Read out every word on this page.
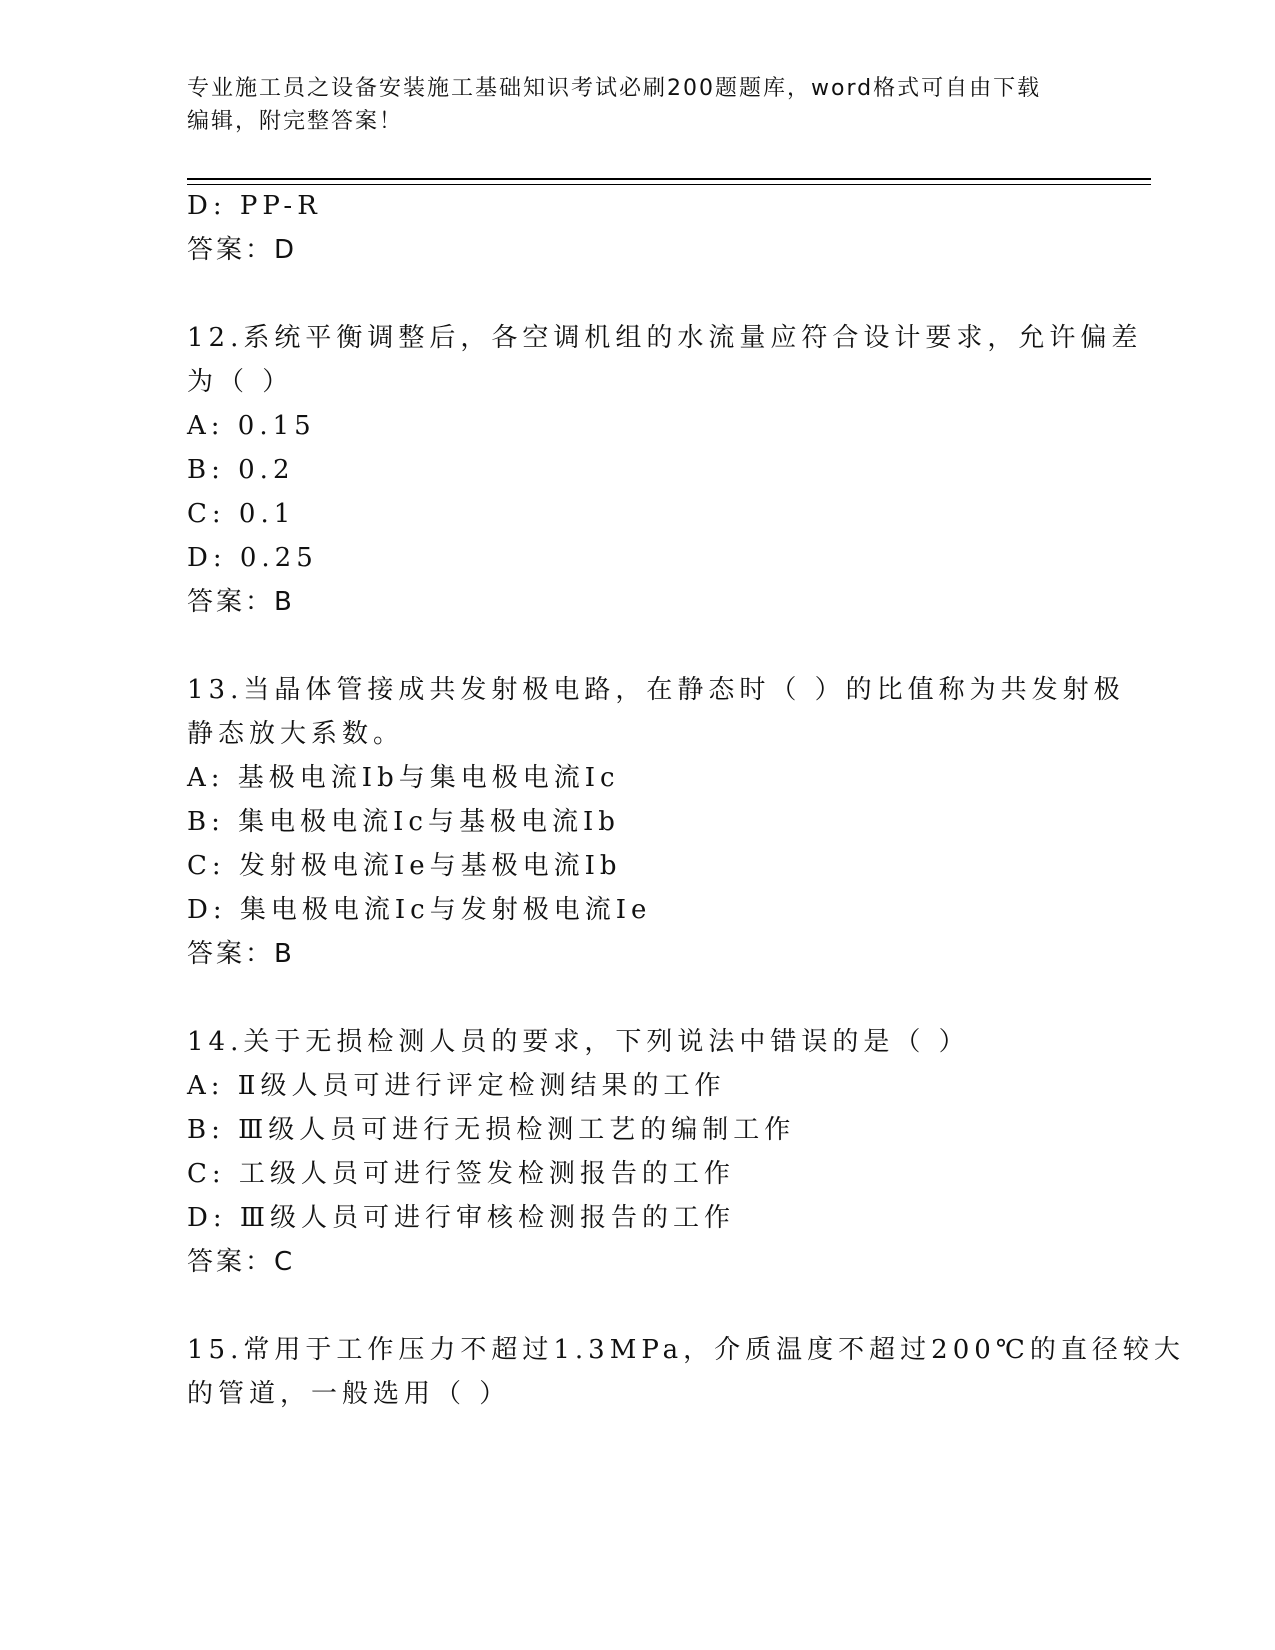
专业施工员之设备安装施工基础知识考试必刷200题题库，word格式可自由下载
编辑，附完整答案！
D: PP-R
答案：D
12.系统平衡调整后，各空调机组的水流量应符合设计要求，允许偏差
为（ ）
A: 0.15
B: 0.2
C: 0.1
D: 0.25
答案：B
13.当晶体管接成共发射极电路，在静态时（ ）的比值称为共发射极
静态放大系数。
A: 基极电流Ib与集电极电流Ic
B: 集电极电流Ic与基极电流Ib
C: 发射极电流Ie与基极电流Ib
D: 集电极电流Ic与发射极电流Ie
答案：B
14.关于无损检测人员的要求，下列说法中错误的是（ ）
A: Ⅱ级人员可进行评定检测结果的工作
B: Ⅲ级人员可进行无损检测工艺的编制工作
C: 工级人员可进行签发检测报告的工作
D: Ⅲ级人员可进行审核检测报告的工作
答案：C
15.常用于工作压力不超过1.3MPa，介质温度不超过200℃的直径较大
的管道，一般选用（ ）
